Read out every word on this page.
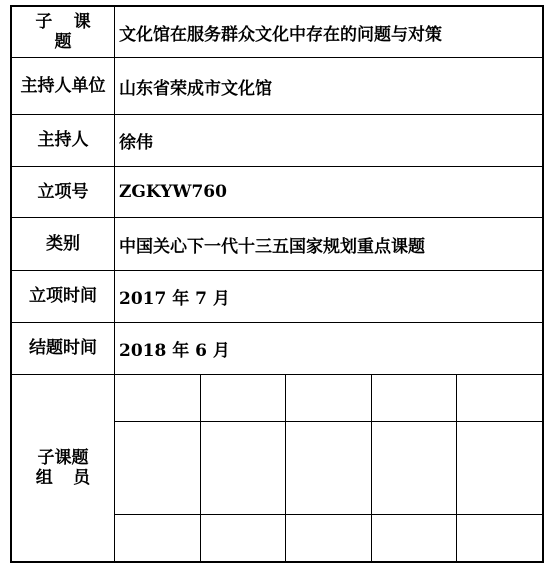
子 课 题	文化馆在服务群众文化中存在的问题与对策
主持人单位	山东省荣成市文化馆
主持人	徐伟
立项号	ZGKYW760
类别	中国关心下一代十三五国家规划重点课题
立项时间	2017 年 7 月
结题时间	2018 年 6 月

子课题
组员
